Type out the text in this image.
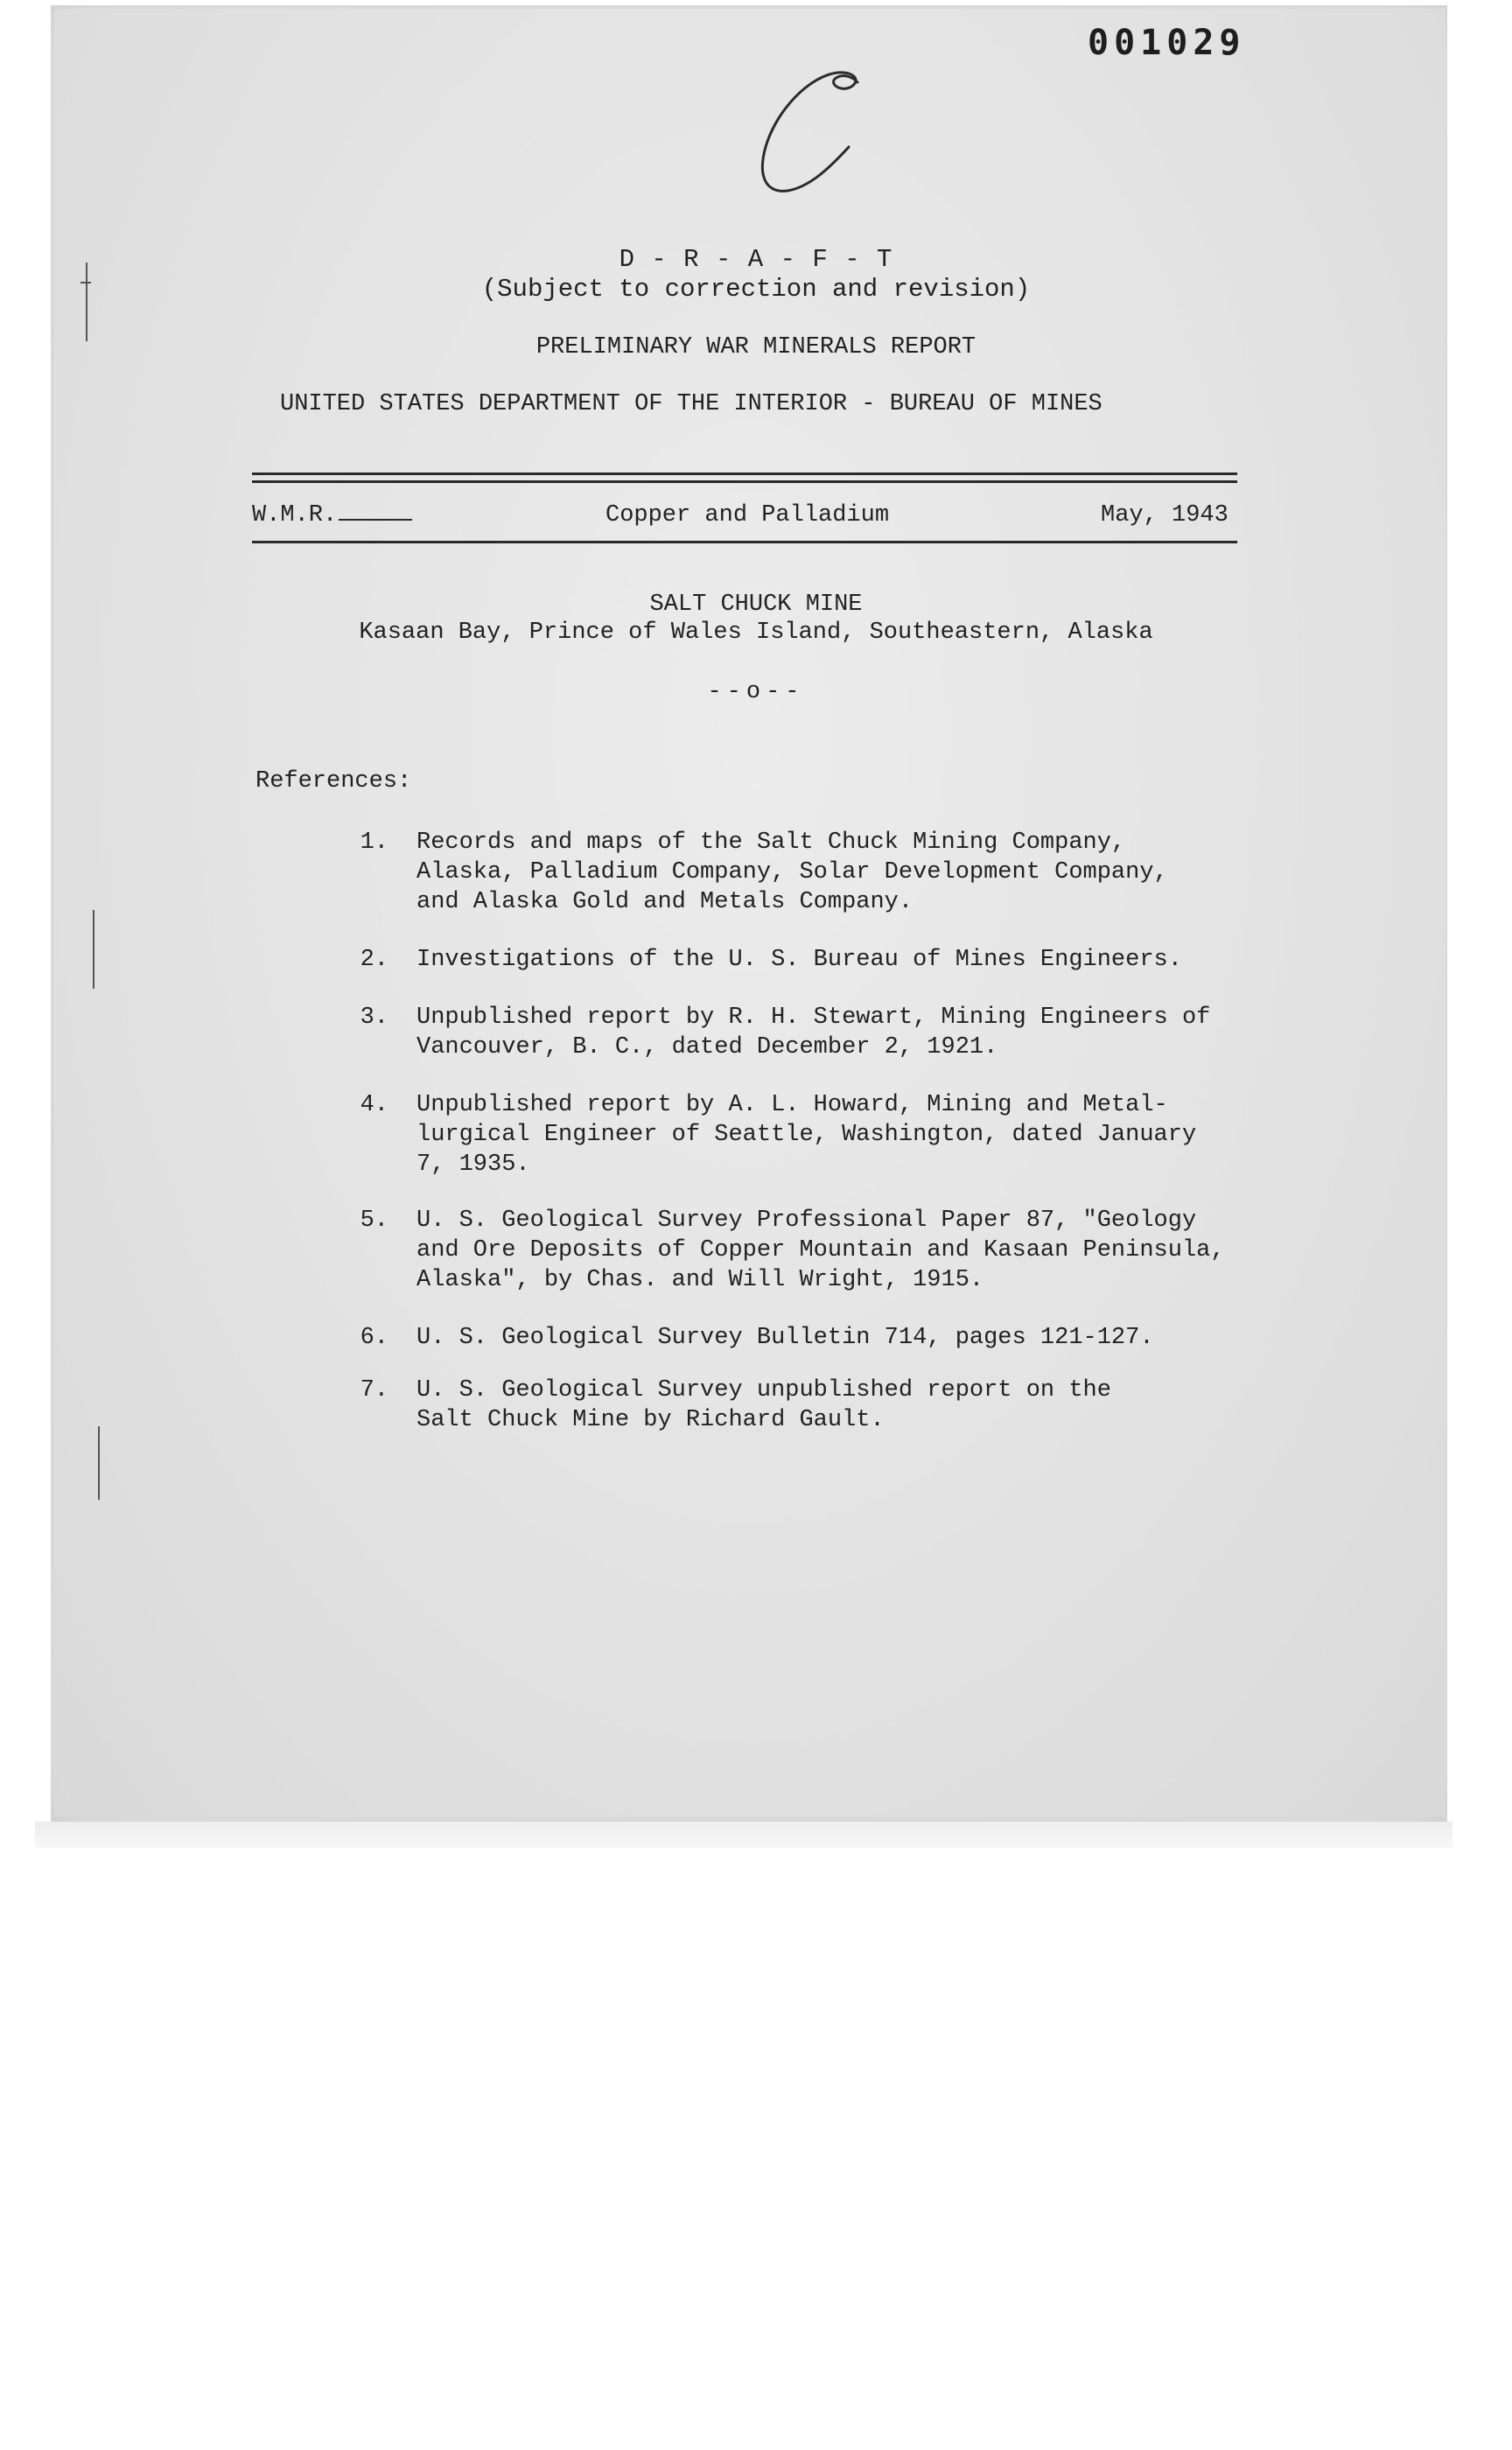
001029
D - R - A - F - T
(Subject to correction and revision)
PRELIMINARY WAR MINERALS REPORT
UNITED STATES DEPARTMENT OF THE INTERIOR - BUREAU OF MINES
W.M.R.	Copper and Palladium	May, 1943
SALT CHUCK MINE
Kasaan Bay, Prince of Wales Island, Southeastern, Alaska
--o--
References:
1. Records and maps of the Salt Chuck Mining Company,
Alaska, Palladium Company, Solar Development Company,
and Alaska Gold and Metals Company.
2. Investigations of the U. S. Bureau of Mines Engineers.
3. Unpublished report by R. H. Stewart, Mining Engineers of
Vancouver, B. C., dated December 2, 1921.
4. Unpublished report by A. L. Howard, Mining and Metal-
lurgical Engineer of Seattle, Washington, dated January
7, 1935.
5. U. S. Geological Survey Professional Paper 87, "Geology
and Ore Deposits of Copper Mountain and Kasaan Peninsula,
Alaska", by Chas. and Will Wright, 1915.
6. U. S. Geological Survey Bulletin 714, pages 121-127.
7. U. S. Geological Survey unpublished report on the
Salt Chuck Mine by Richard Gault.
